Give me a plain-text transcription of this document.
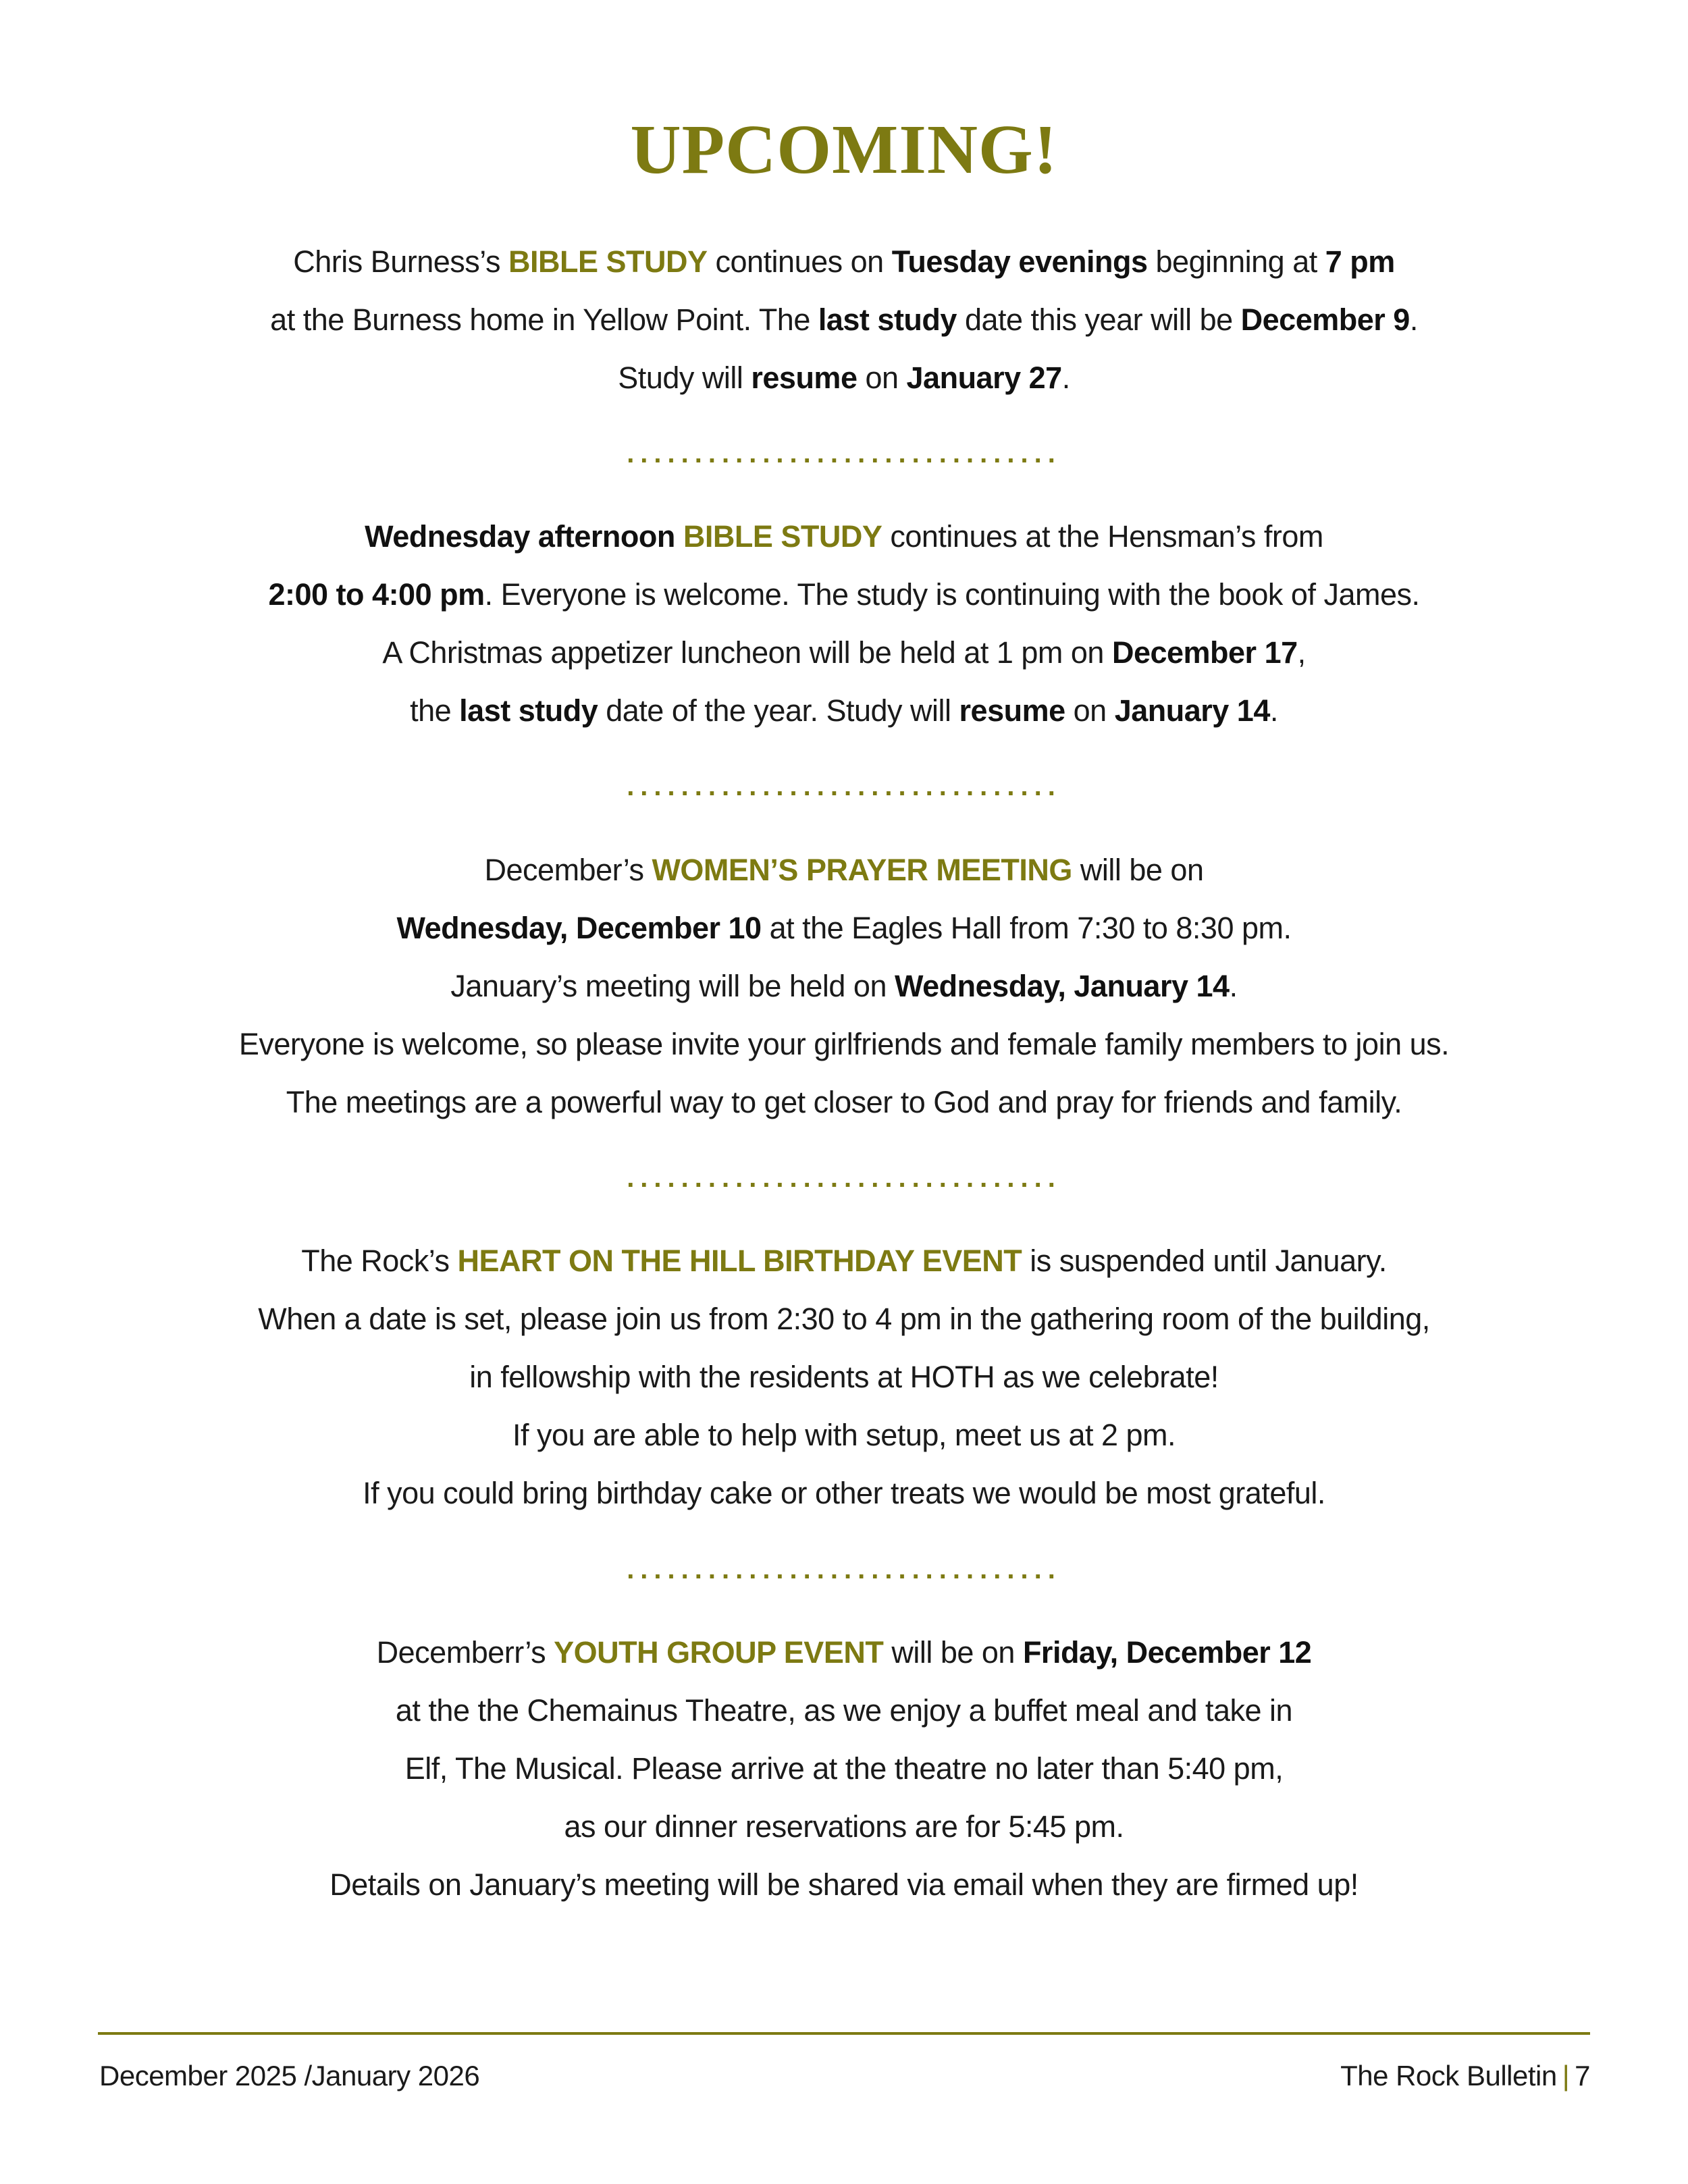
UPCOMING!
Chris Burness’s BIBLE STUDY continues on Tuesday evenings beginning at 7 pm
at the Burness home in Yellow Point. The last study date this year will be December 9.
Study will resume on January 27.
................................
Wednesday afternoon BIBLE STUDY continues at the Hensman’s from
2:00 to 4:00 pm. Everyone is welcome. The study is continuing with the book of James.
A Christmas appetizer luncheon will be held at 1 pm on December 17,
the last study date of the year. Study will resume on January 14.
................................
December’s WOMEN’S PRAYER MEETING will be on
Wednesday, December 10 at the Eagles Hall from 7:30 to 8:30 pm.
January’s meeting will be held on Wednesday, January 14.
Everyone is welcome, so please invite your girlfriends and female family members to join us.
The meetings are a powerful way to get closer to God and pray for friends and family.
................................
The Rock’s HEART ON THE HILL BIRTHDAY EVENT is suspended until January.
When a date is set, please join us from 2:30 to 4 pm in the gathering room of the building,
in fellowship with the residents at HOTH as we celebrate!
If you are able to help with setup, meet us at 2 pm.
If you could bring birthday cake or other treats we would be most grateful.
................................
Decemberr’s YOUTH GROUP EVENT will be on Friday, December 12
at the the Chemainus Theatre, as we enjoy a buffet meal and take in
Elf, The Musical. Please arrive at the theatre no later than 5:40 pm,
as our dinner reservations are for 5:45 pm.
Details on January’s meeting will be shared via email when they are firmed up!
December 2025 /January 2026	The Rock Bulletin | 7
